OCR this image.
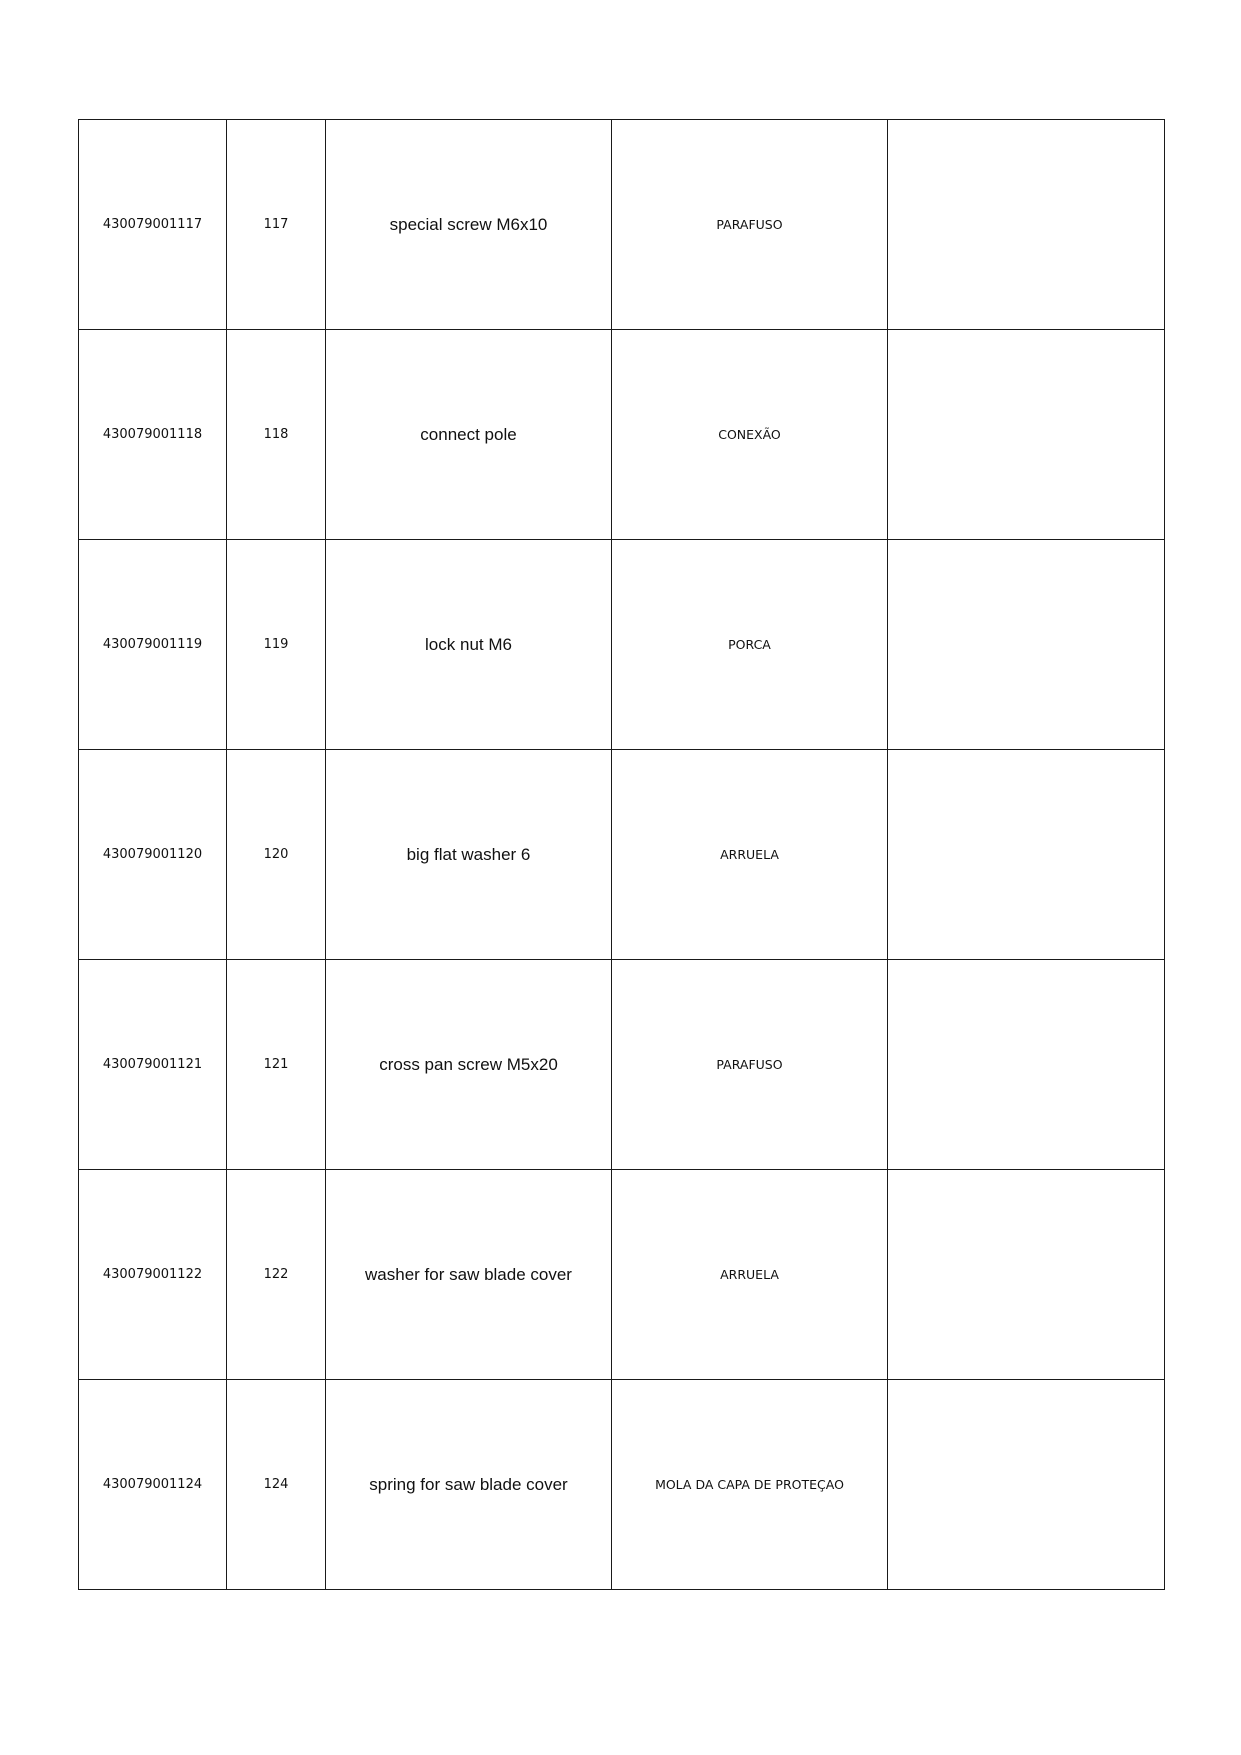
430079001117	117	special screw M6x10	PARAFUSO	
430079001118	118	connect pole	CONEXÃO	
430079001119	119	lock nut M6	PORCA	
430079001120	120	big flat washer 6	ARRUELA	
430079001121	121	cross pan screw M5x20	PARAFUSO	
430079001122	122	washer for saw blade cover	ARRUELA	
430079001124	124	spring for saw blade cover	MOLA DA CAPA DE PROTEÇAO	
